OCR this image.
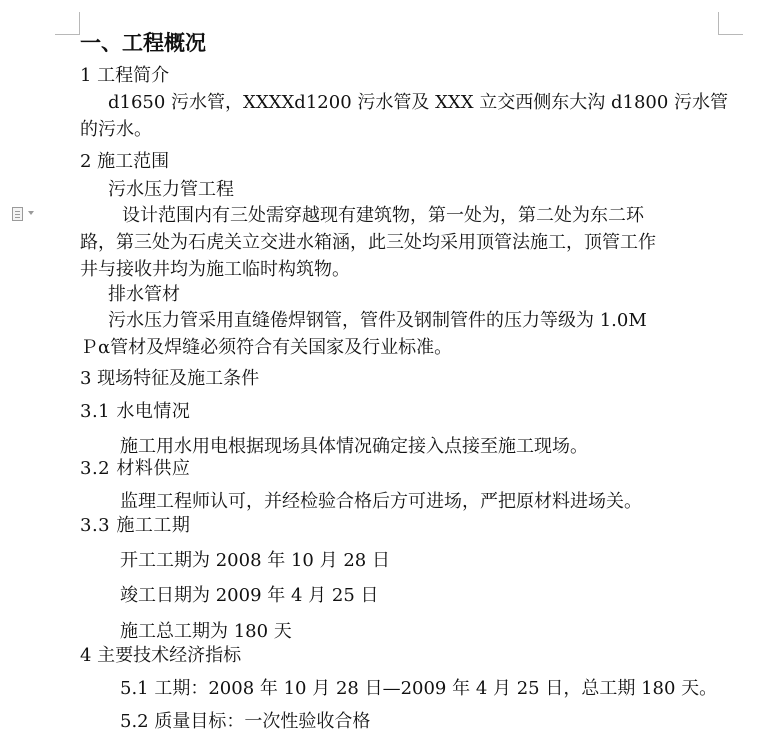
一、工程概况
1 工程简介
d1650 污水管，XXXXd1200 污水管及 XXX 立交西侧东大沟 d1800 污水管
的污水。
2 施工范围
污水压力管工程
设计范围内有三处需穿越现有建筑物，第一处为，第二处为东二环
路，第三处为石虎关立交进水箱涵，此三处均采用顶管法施工，顶管工作
井与接收井均为施工临时构筑物。
排水管材
污水压力管采用直缝倦焊钢管，管件及钢制管件的压力等级为 1.0M
Ｐα管材及焊缝必须符合有关国家及行业标准。
3 现场特征及施工条件
3.1 水电情况
施工用水用电根据现场具体情况确定接入点接至施工现场。
3.2 材料供应
监理工程师认可，并经检验合格后方可进场，严把原材料进场关。
3.3 施工工期
开工工期为 2008 年 10 月 28 日
竣工日期为 2009 年 4 月 25 日
施工总工期为 180 天
4 主要技术经济指标
5.1 工期：2008 年 10 月 28 日—2009 年 4 月 25 日，总工期 180 天。
5.2 质量目标：一次性验收合格
